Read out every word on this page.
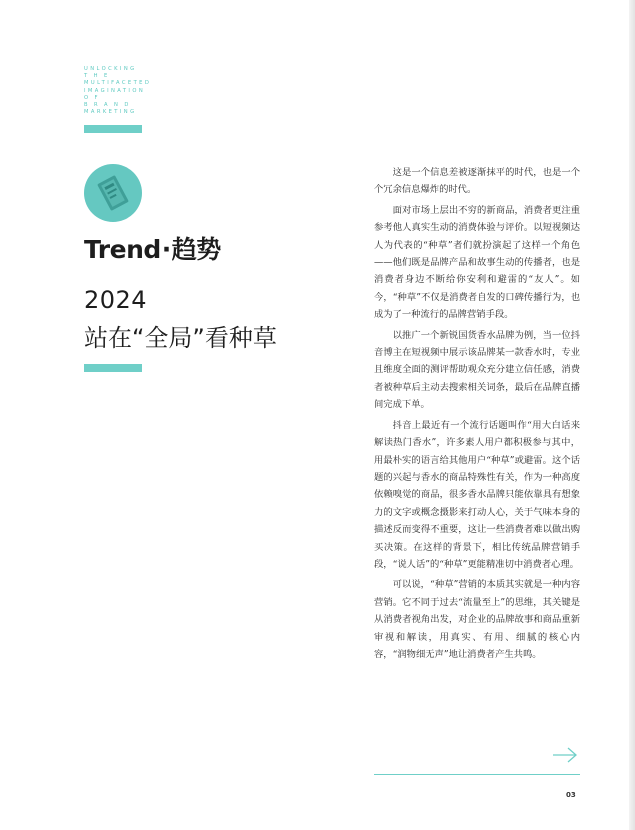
UNLOCKING
T H E
MULTIFACETED
IMAGINATION
O F
B R A N D
MARKETING
Trend·趋势
2024
站在“全局”看种草

这是一个信息差被逐渐抹平的时代，也是一个个冗余信息爆炸的时代。

面对市场上层出不穷的新商品，消费者更注重参考他人真实生动的消费体验与评价。以短视频达人为代表的“种草”者们就扮演起了这样一个角色——他们既是品牌产品和故事生动的传播者，也是消费者身边不断给你安利和避雷的“友人”。如今，“种草”不仅是消费者自发的口碑传播行为，也成为了一种流行的品牌营销手段。

以推广一个新锐国货香水品牌为例，当一位抖音博主在短视频中展示该品牌某一款香水时，专业且维度全面的测评帮助观众充分建立信任感，消费者被种草后主动去搜索相关词条，最后在品牌直播间完成下单。

抖音上最近有一个流行话题叫作“用大白话来解读热门香水”，许多素人用户都积极参与其中，用最朴实的语言给其他用户“种草”或避雷。这个话题的兴起与香水的商品特殊性有关，作为一种高度依赖嗅觉的商品，很多香水品牌只能依靠具有想象力的文字或概念摄影来打动人心，关于气味本身的描述反而变得不重要，这让一些消费者难以做出购买决策。在这样的背景下，相比传统品牌营销手段，“说人话”的“种草”更能精准切中消费者心理。

可以说，“种草”营销的本质其实就是一种内容营销。它不同于过去“流量至上”的思维，其关键是从消费者视角出发，对企业的品牌故事和商品重新审视和解读，用真实、有用、细腻的核心内容，“润物细无声”地让消费者产生共鸣。

03
